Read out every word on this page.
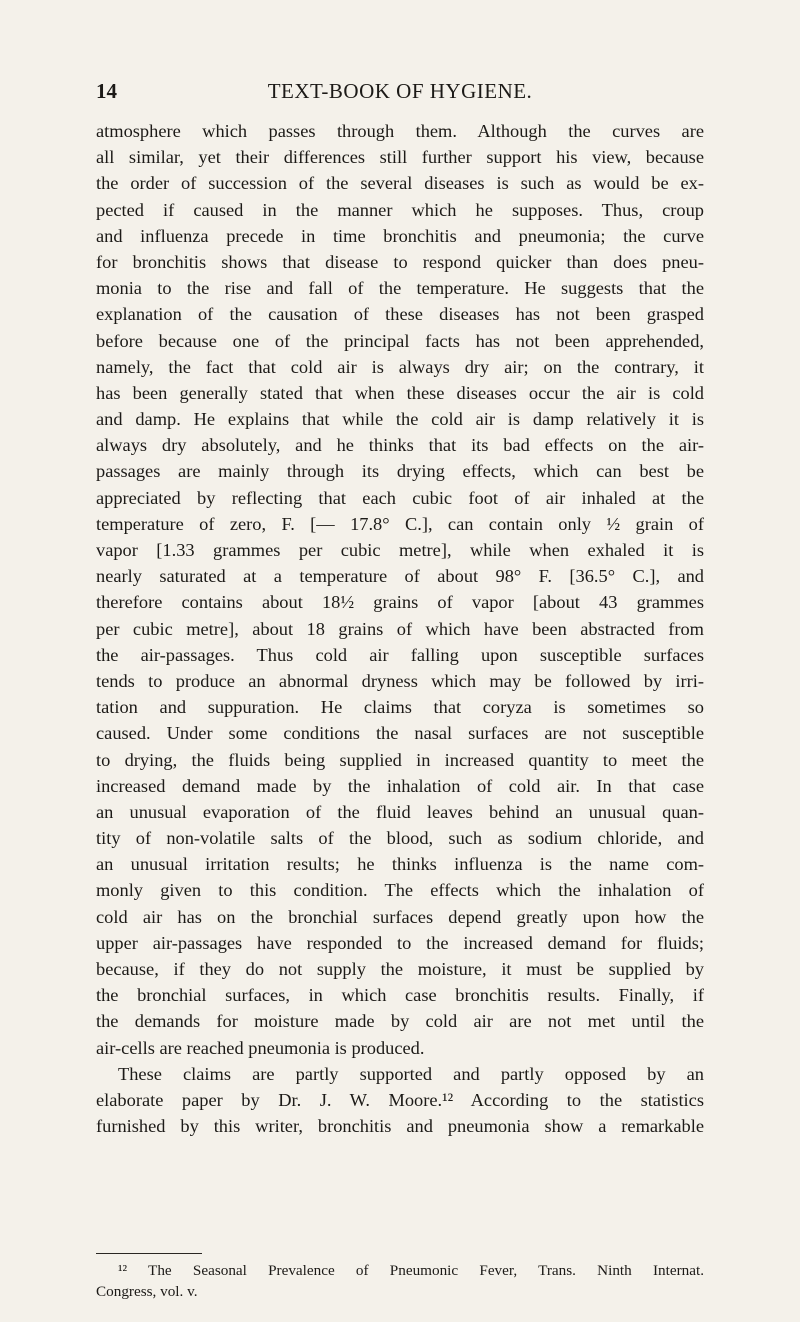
14	TEXT-BOOK OF HYGIENE.
atmosphere which passes through them. Although the curves are
all similar, yet their differences still further support his view, because
the order of succession of the several diseases is such as would be ex-
pected if caused in the manner which he supposes. Thus, croup
and influenza precede in time bronchitis and pneumonia; the curve
for bronchitis shows that disease to respond quicker than does pneu-
monia to the rise and fall of the temperature. He suggests that the
explanation of the causation of these diseases has not been grasped
before because one of the principal facts has not been apprehended,
namely, the fact that cold air is always dry air; on the contrary, it
has been generally stated that when these diseases occur the air is cold
and damp. He explains that while the cold air is damp relatively it is
always dry absolutely, and he thinks that its bad effects on the air-
passages are mainly through its drying effects, which can best be
appreciated by reflecting that each cubic foot of air inhaled at the
temperature of zero, F. [— 17.8° C.], can contain only ½ grain of
vapor [1.33 grammes per cubic metre], while when exhaled it is
nearly saturated at a temperature of about 98° F. [36.5° C.], and
therefore contains about 18½ grains of vapor [about 43 grammes
per cubic metre], about 18 grains of which have been abstracted from
the air-passages. Thus cold air falling upon susceptible surfaces
tends to produce an abnormal dryness which may be followed by irri-
tation and suppuration. He claims that coryza is sometimes so
caused. Under some conditions the nasal surfaces are not susceptible
to drying, the fluids being supplied in increased quantity to meet the
increased demand made by the inhalation of cold air. In that case
an unusual evaporation of the fluid leaves behind an unusual quan-
tity of non-volatile salts of the blood, such as sodium chloride, and
an unusual irritation results; he thinks influenza is the name com-
monly given to this condition. The effects which the inhalation of
cold air has on the bronchial surfaces depend greatly upon how the
upper air-passages have responded to the increased demand for fluids;
because, if they do not supply the moisture, it must be supplied by
the bronchial surfaces, in which case bronchitis results. Finally, if
the demands for moisture made by cold air are not met until the
air-cells are reached pneumonia is produced.
These claims are partly supported and partly opposed by an
elaborate paper by Dr. J. W. Moore.¹² According to the statistics
furnished by this writer, bronchitis and pneumonia show a remarkable
¹² The Seasonal Prevalence of Pneumonic Fever, Trans. Ninth Internat.
Congress, vol. v.
